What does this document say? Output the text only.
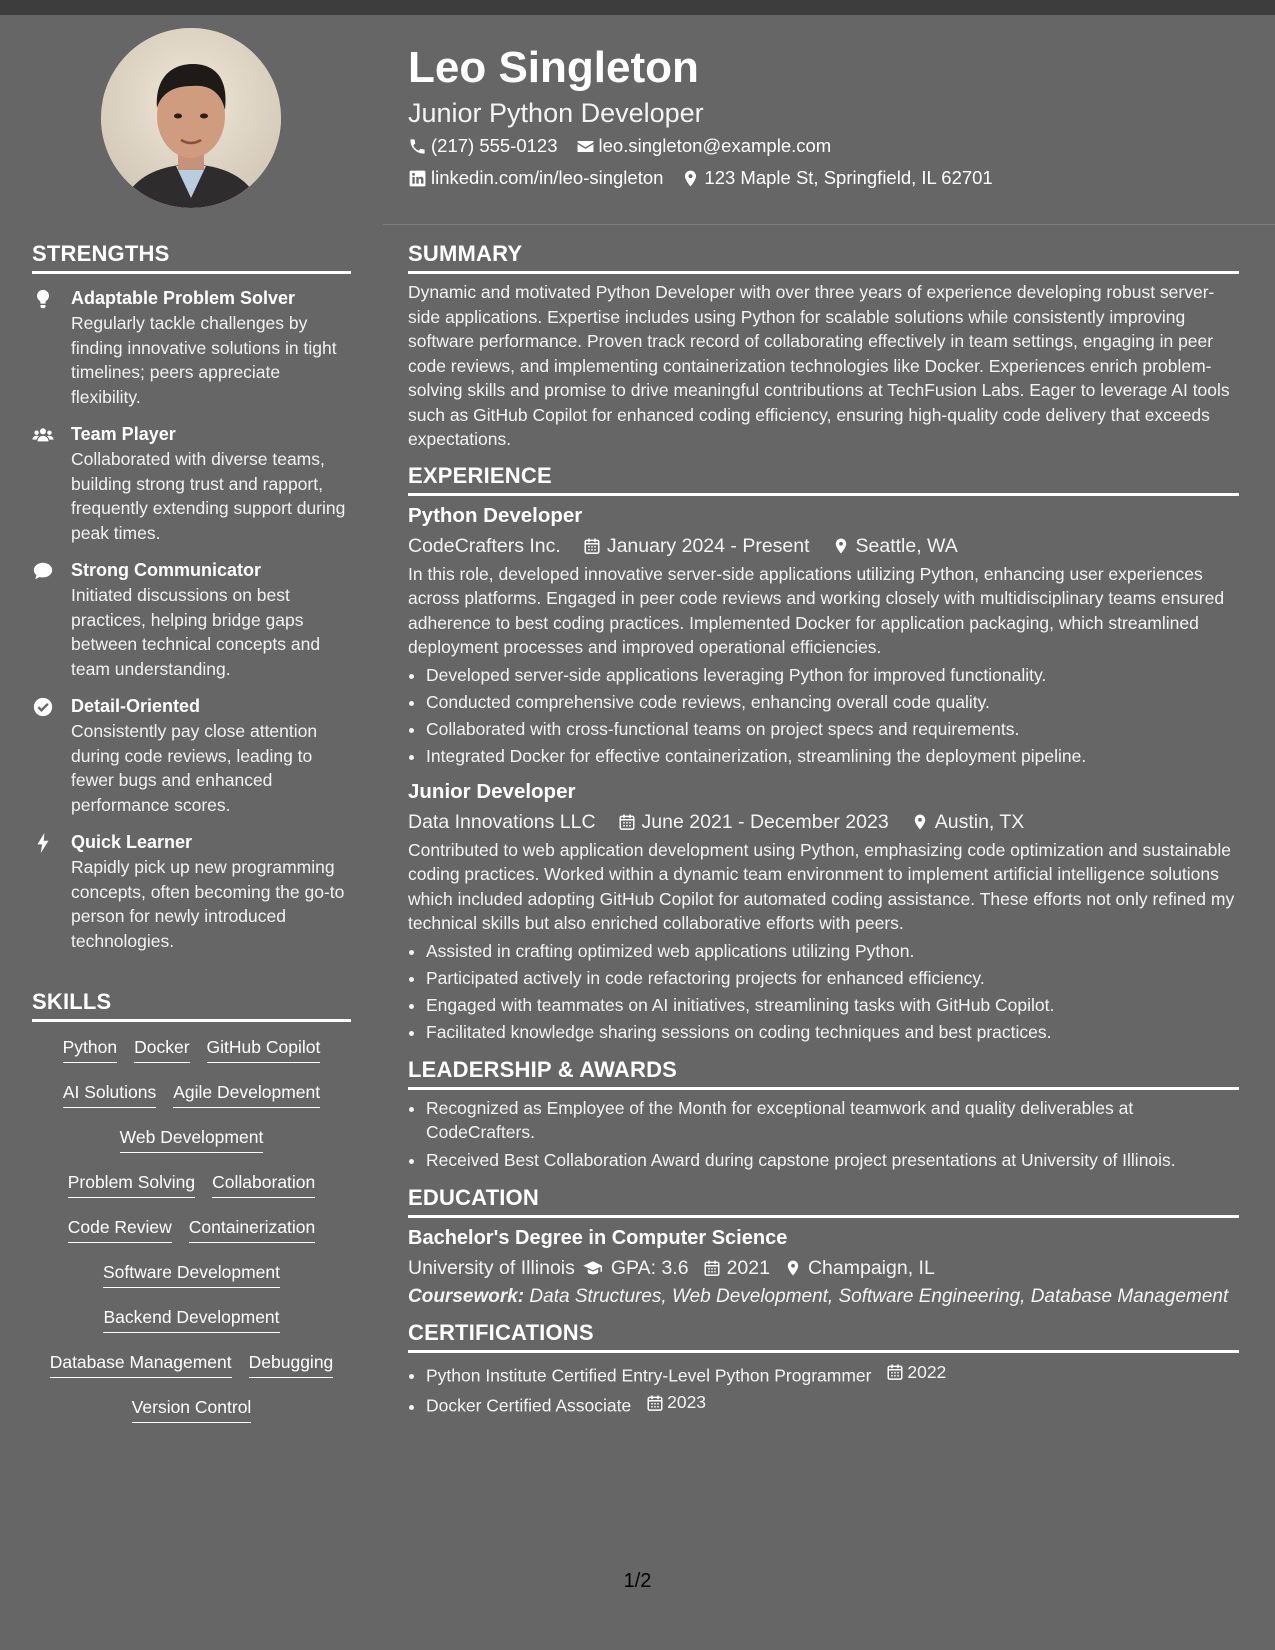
Leo Singleton
Junior Python Developer
(217) 555-0123 leo.singleton@example.com
linkedin.com/in/leo-singleton 123 Maple St, Springfield, IL 62701
STRENGTHS
Adaptable Problem Solver
Regularly tackle challenges by finding innovative solutions in tight timelines; peers appreciate flexibility.
Team Player
Collaborated with diverse teams, building strong trust and rapport, frequently extending support during peak times.
Strong Communicator
Initiated discussions on best practices, helping bridge gaps between technical concepts and team understanding.
Detail-Oriented
Consistently pay close attention during code reviews, leading to fewer bugs and enhanced performance scores.
Quick Learner
Rapidly pick up new programming concepts, often becoming the go-to person for newly introduced technologies.
SKILLS
Python Docker GitHub Copilot
AI Solutions Agile Development
Web Development
Problem Solving Collaboration
Code Review Containerization
Software Development
Backend Development
Database Management Debugging
Version Control
SUMMARY

Dynamic and motivated Python Developer with over three years of experience developing robust server-side applications. Expertise includes using Python for scalable solutions while consistently improving software performance. Proven track record of collaborating effectively in team settings, engaging in peer code reviews, and implementing containerization technologies like Docker. Experiences enrich problem-solving skills and promise to drive meaningful contributions at TechFusion Labs. Eager to leverage AI tools such as GitHub Copilot for enhanced coding efficiency, ensuring high-quality code delivery that exceeds expectations.

EXPERIENCE
Python Developer
CodeCrafters Inc. January 2024 - Present Seattle, WA

In this role, developed innovative server-side applications utilizing Python, enhancing user experiences across platforms. Engaged in peer code reviews and working closely with multidisciplinary teams ensured adherence to best coding practices. Implemented Docker for application packaging, which streamlined deployment processes and improved operational efficiencies.

• Developed server-side applications leveraging Python for improved functionality.
• Conducted comprehensive code reviews, enhancing overall code quality.
• Collaborated with cross-functional teams on project specs and requirements.
• Integrated Docker for effective containerization, streamlining the deployment pipeline.
Junior Developer
Data Innovations LLC June 2021 - December 2023 Austin, TX

Contributed to web application development using Python, emphasizing code optimization and sustainable coding practices. Worked within a dynamic team environment to implement artificial intelligence solutions which included adopting GitHub Copilot for automated coding assistance. These efforts not only refined my technical skills but also enriched collaborative efforts with peers.

• Assisted in crafting optimized web applications utilizing Python.
• Participated actively in code refactoring projects for enhanced efficiency.
• Engaged with teammates on AI initiatives, streamlining tasks with GitHub Copilot.
• Facilitated knowledge sharing sessions on coding techniques and best practices.
LEADERSHIP & AWARDS
• Recognized as Employee of the Month for exceptional teamwork and quality deliverables at CodeCrafters.
• Received Best Collaboration Award during capstone project presentations at University of Illinois.
EDUCATION
Bachelor's Degree in Computer Science
University of Illinois GPA: 3.6 2021 Champaign, IL
Coursework: Data Structures, Web Development, Software Engineering, Database Management
CERTIFICATIONS
• Python Institute Certified Entry-Level Python Programmer 2022
• Docker Certified Associate 2023
1/2
